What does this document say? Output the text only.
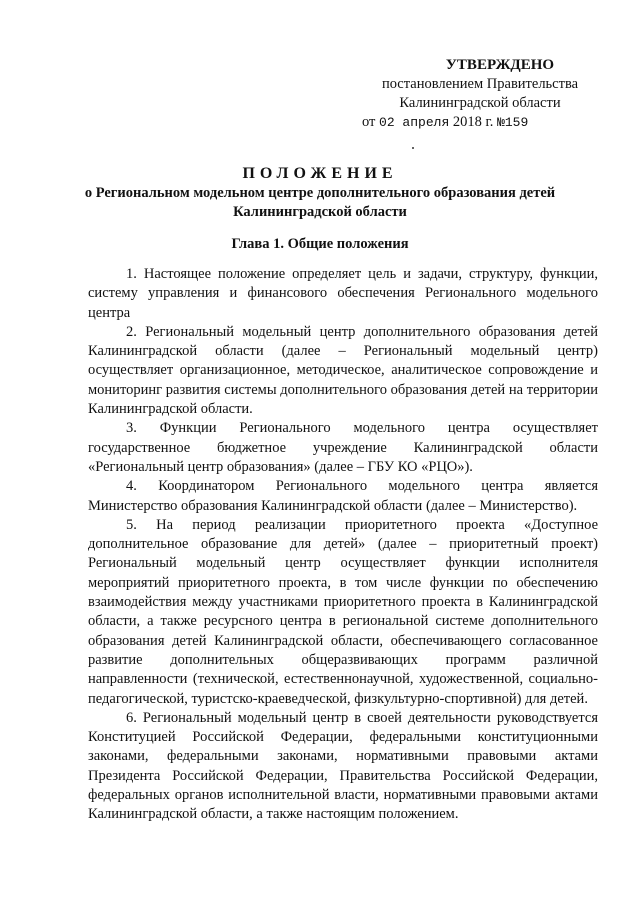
УТВЕРЖДЕНО
постановлением Правительства
Калининградской области
от 02 апреля 2018 г. №159
ПОЛОЖЕНИЕ
о Региональном модельном центре дополнительного образования детей
Калининградской области
Глава 1. Общие положения

1. Настоящее положение определяет цель и задачи, структуру, функции, систему управления и финансового обеспечения Регионального модельного центра

2. Региональный модельный центр дополнительного образования детей Калининградской области (далее – Региональный модельный центр) осуществляет организационное, методическое, аналитическое сопровождение и мониторинг развития системы дополнительного образования детей на территории Калининградской области.

3. Функции Регионального модельного центра осуществляет государственное бюджетное учреждение Калининградской области «Региональный центр образования» (далее – ГБУ КО «РЦО»).

4. Координатором Регионального модельного центра является Министерство образования Калининградской области (далее – Министерство).

5. На период реализации приоритетного проекта «Доступное дополнительное образование для детей» (далее – приоритетный проект) Региональный модельный центр осуществляет функции исполнителя мероприятий приоритетного проекта, в том числе функции по обеспечению взаимодействия между участниками приоритетного проекта в Калининградской области, а также ресурсного центра в региональной системе дополнительного образования детей Калининградской области, обеспечивающего согласованное развитие дополнительных общеразвивающих программ различной направленности (технической, естественнонаучной, художественной, социально-педагогической, туристско-краеведческой, физкультурно-спортивной) для детей.

6. Региональный модельный центр в своей деятельности руководствуется Конституцией Российской Федерации, федеральными конституционными законами, федеральными законами, нормативными правовыми актами Президента Российской Федерации, Правительства Российской Федерации, федеральных органов исполнительной власти, нормативными правовыми актами Калининградской области, а также настоящим положением.
